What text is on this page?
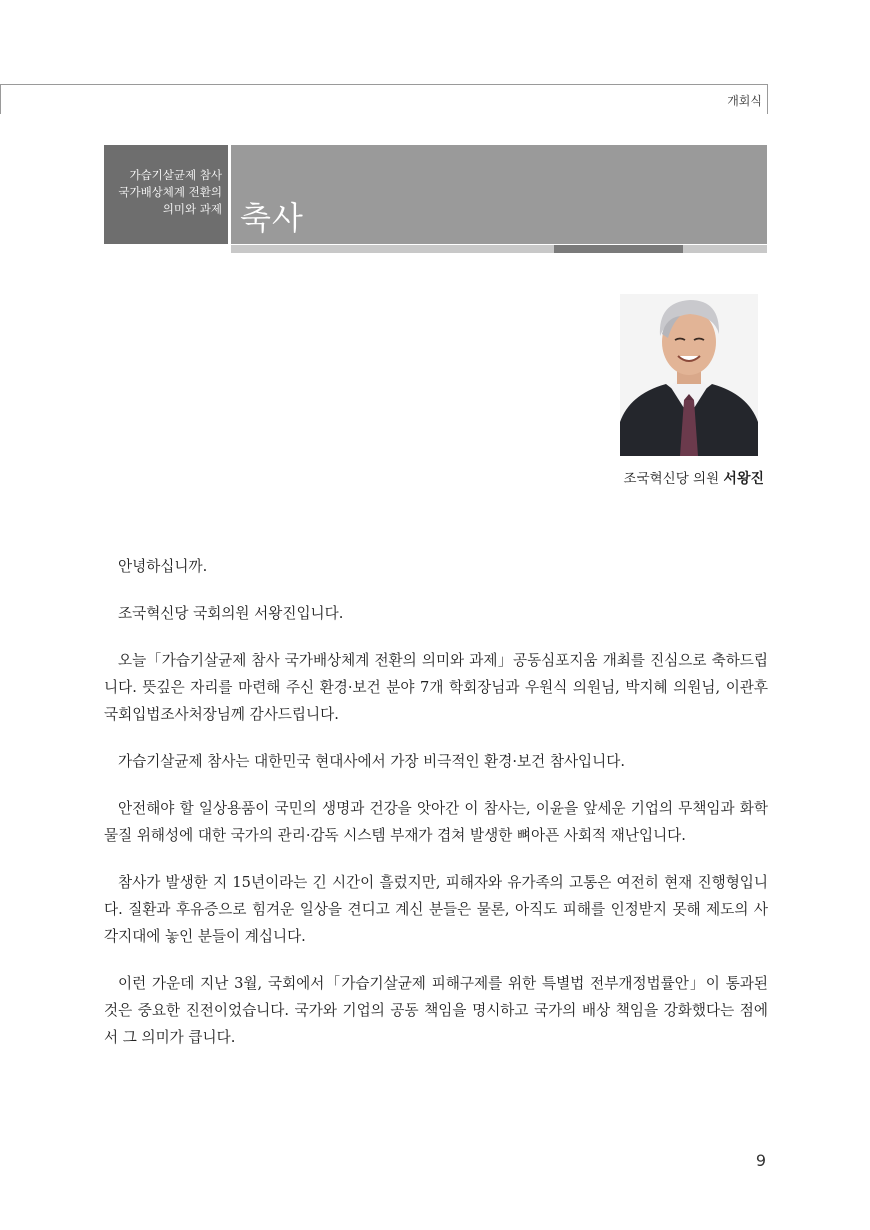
개회식
가습기살균제 참사
국가배상체계 전환의
의미와 과제 축사
조국혁신당 의원 서왕진

안녕하십니까.

조국혁신당 국회의원 서왕진입니다.

오늘「가습기살균제 참사 국가배상체계 전환의 의미와 과제」공동심포지움 개최를 진심으로 축하드립니다. 뜻깊은 자리를 마련해 주신 환경·보건 분야 7개 학회장님과 우원식 의원님, 박지혜 의원님, 이관후 국회입법조사처장님께 감사드립니다.

가습기살균제 참사는 대한민국 현대사에서 가장 비극적인 환경·보건 참사입니다.

안전해야 할 일상용품이 국민의 생명과 건강을 앗아간 이 참사는, 이윤을 앞세운 기업의 무책임과 화학물질 위해성에 대한 국가의 관리·감독 시스템 부재가 겹쳐 발생한 뼈아픈 사회적 재난입니다.

참사가 발생한 지 15년이라는 긴 시간이 흘렀지만, 피해자와 유가족의 고통은 여전히 현재 진행형입니다. 질환과 후유증으로 힘겨운 일상을 견디고 계신 분들은 물론, 아직도 피해를 인정받지 못해 제도의 사각지대에 놓인 분들이 계십니다.

이런 가운데 지난 3월, 국회에서「가습기살균제 피해구제를 위한 특별법 전부개정법률안」이 통과된 것은 중요한 진전이었습니다. 국가와 기업의 공동 책임을 명시하고 국가의 배상 책임을 강화했다는 점에서 그 의미가 큽니다.

9
